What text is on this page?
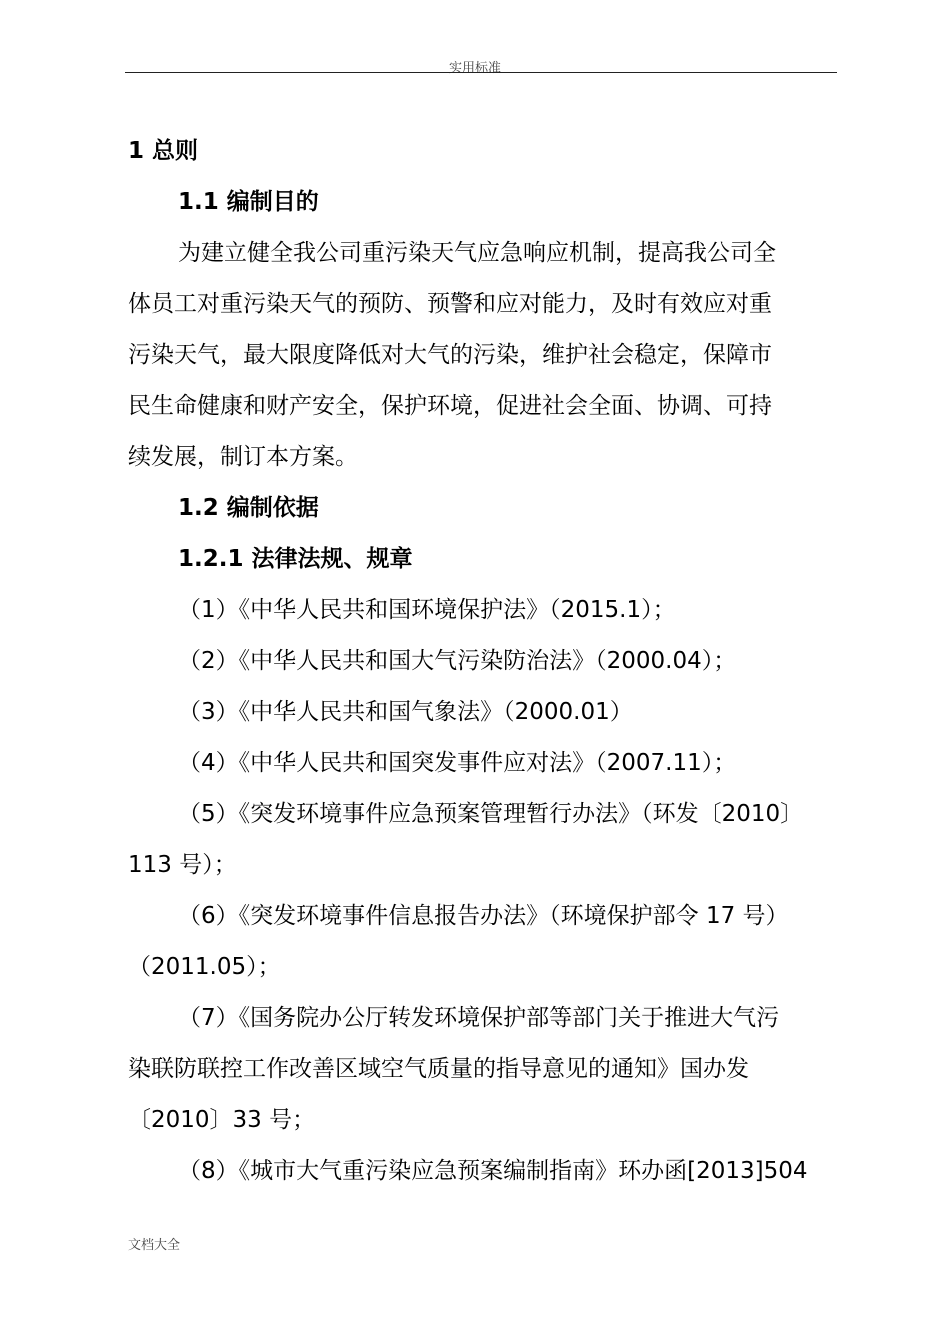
实用标准
1 总则
1.1 编制目的
为建立健全我公司重污染天气应急响应机制，提高我公司全
体员工对重污染天气的预防、预警和应对能力，及时有效应对重
污染天气，最大限度降低对大气的污染，维护社会稳定，保障市
民生命健康和财产安全，保护环境，促进社会全面、协调、可持
续发展，制订本方案。
1.2 编制依据
1.2.1 法律法规、规章
（1）《中华人民共和国环境保护法》（2015.1）；
（2）《中华人民共和国大气污染防治法》（2000.04）；
（3）《中华人民共和国气象法》（2000.01）
（4）《中华人民共和国突发事件应对法》（2007.11）；
（5）《突发环境事件应急预案管理暂行办法》（环发〔2010〕
113 号）；
（6）《突发环境事件信息报告办法》（环境保护部令 17 号）
（2011.05）；
（7）《国务院办公厅转发环境保护部等部门关于推进大气污
染联防联控工作改善区域空气质量的指导意见的通知》国办发
〔2010〕33 号；
（8）《城市大气重污染应急预案编制指南》环办函[2013]504
文档大全
